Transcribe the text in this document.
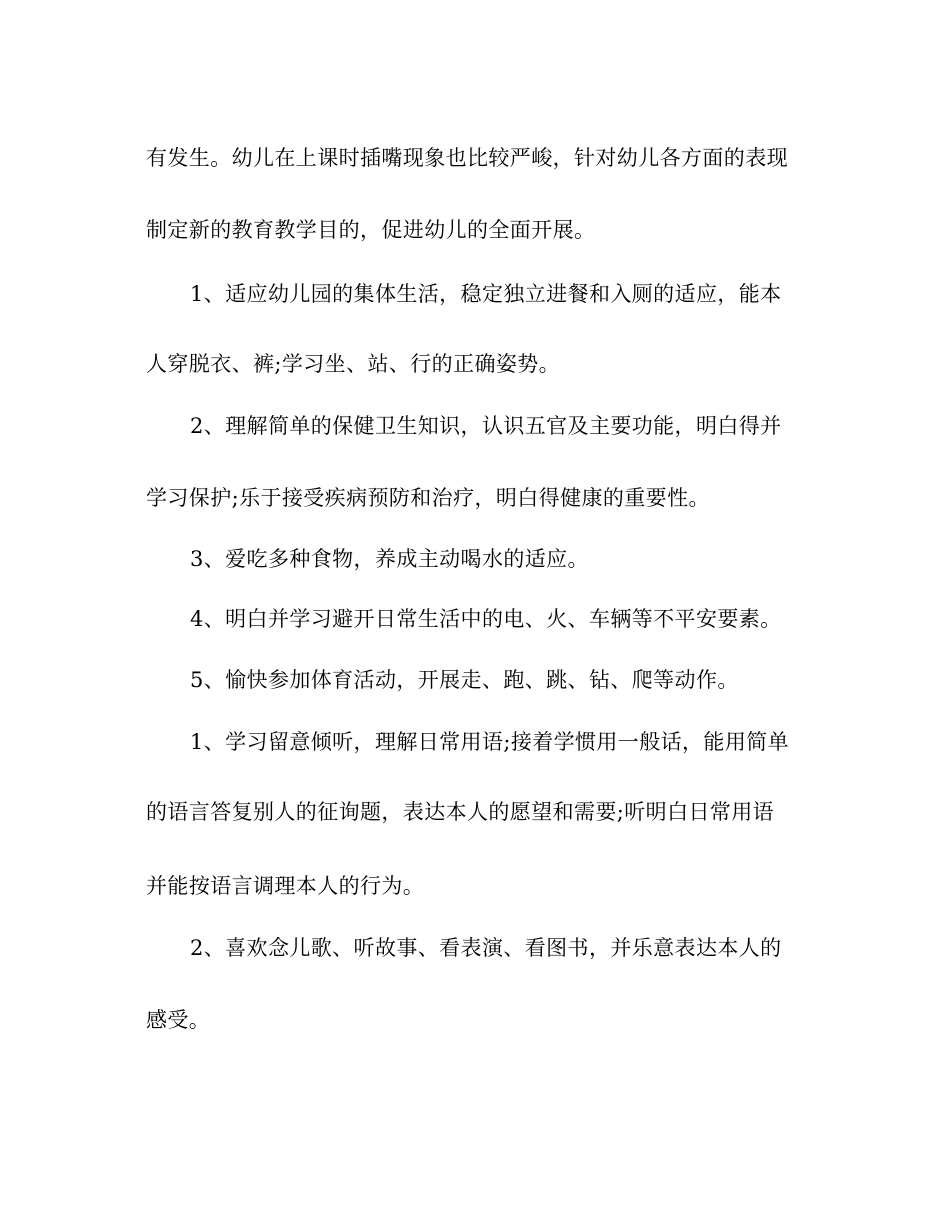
有发生。幼儿在上课时插嘴现象也比较严峻，针对幼儿各方面的表现
制定新的教育教学目的，促进幼儿的全面开展。
1、适应幼儿园的集体生活，稳定独立进餐和入厕的适应，能本
人穿脱衣、裤;学习坐、站、行的正确姿势。
2、理解简单的保健卫生知识，认识五官及主要功能，明白得并
学习保护;乐于接受疾病预防和治疗，明白得健康的重要性。
3、爱吃多种食物，养成主动喝水的适应。
4、明白并学习避开日常生活中的电、火、车辆等不平安要素。
5、愉快参加体育活动，开展走、跑、跳、钻、爬等动作。
1、学习留意倾听，理解日常用语;接着学惯用一般话，能用简单
的语言答复别人的征询题，表达本人的愿望和需要;听明白日常用语
并能按语言调理本人的行为。
2、喜欢念儿歌、听故事、看表演、看图书，并乐意表达本人的
感受。
